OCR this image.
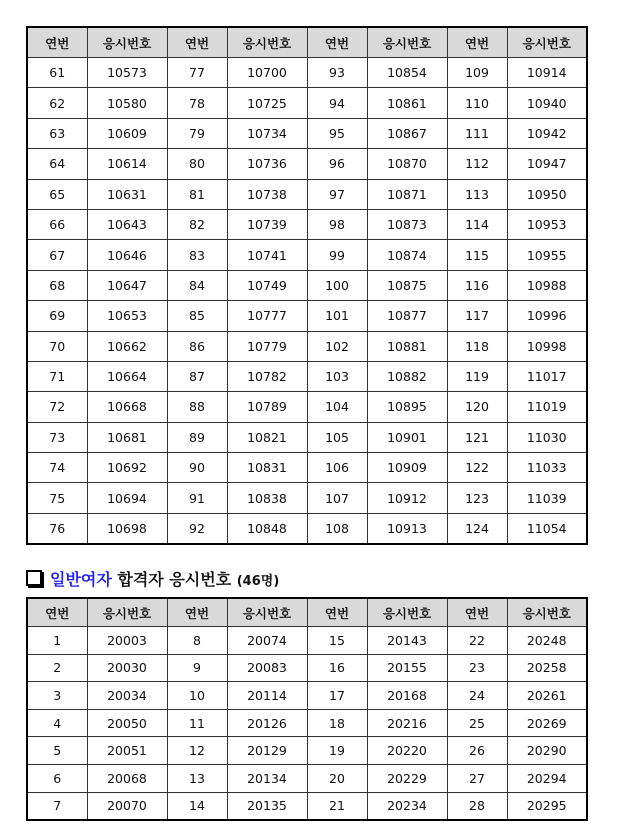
연번	응시번호	연번	응시번호	연번	응시번호	연번	응시번호
61	10573	77	10700	93	10854	109	10914
62	10580	78	10725	94	10861	110	10940
63	10609	79	10734	95	10867	111	10942
64	10614	80	10736	96	10870	112	10947
65	10631	81	10738	97	10871	113	10950
66	10643	82	10739	98	10873	114	10953
67	10646	83	10741	99	10874	115	10955
68	10647	84	10749	100	10875	116	10988
69	10653	85	10777	101	10877	117	10996
70	10662	86	10779	102	10881	118	10998
71	10664	87	10782	103	10882	119	11017
72	10668	88	10789	104	10895	120	11019
73	10681	89	10821	105	10901	121	11030
74	10692	90	10831	106	10909	122	11033
75	10694	91	10838	107	10912	123	11039
76	10698	92	10848	108	10913	124	11054
일반여자 합격자 응시번호 (46명)
연번	응시번호	연번	응시번호	연번	응시번호	연번	응시번호
1	20003	8	20074	15	20143	22	20248
2	20030	9	20083	16	20155	23	20258
3	20034	10	20114	17	20168	24	20261
4	20050	11	20126	18	20216	25	20269
5	20051	12	20129	19	20220	26	20290
6	20068	13	20134	20	20229	27	20294
7	20070	14	20135	21	20234	28	20295
